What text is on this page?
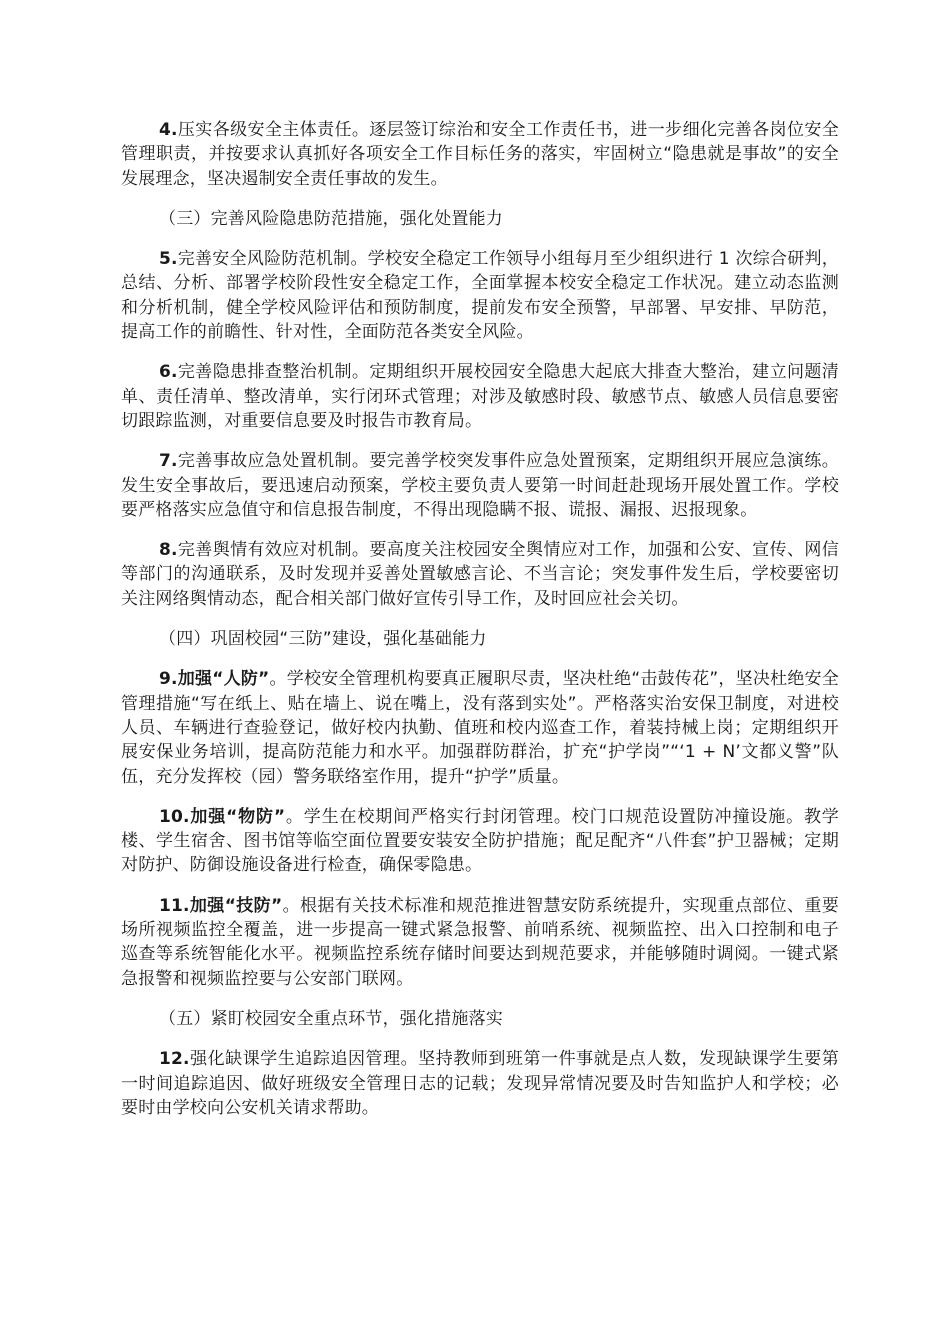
4.压实各级安全主体责任。逐层签订综治和安全工作责任书，进一步细化完善各岗位安全管理职责，并按要求认真抓好各项安全工作目标任务的落实，牢固树立“隐患就是事故”的安全发展理念，坚决遏制安全责任事故的发生。

（三）完善风险隐患防范措施，强化处置能力

5.完善安全风险防范机制。学校安全稳定工作领导小组每月至少组织进行 1 次综合研判，总结、分析、部署学校阶段性安全稳定工作，全面掌握本校安全稳定工作状况。建立动态监测和分析机制，健全学校风险评估和预防制度，提前发布安全预警，早部署、早安排、早防范，提高工作的前瞻性、针对性，全面防范各类安全风险。

6.完善隐患排查整治机制。定期组织开展校园安全隐患大起底大排查大整治，建立问题清单、责任清单、整改清单，实行闭环式管理；对涉及敏感时段、敏感节点、敏感人员信息要密切跟踪监测，对重要信息要及时报告市教育局。

7.完善事故应急处置机制。要完善学校突发事件应急处置预案，定期组织开展应急演练。发生安全事故后，要迅速启动预案，学校主要负责人要第一时间赶赴现场开展处置工作。学校要严格落实应急值守和信息报告制度，不得出现隐瞒不报、谎报、漏报、迟报现象。

8.完善舆情有效应对机制。要高度关注校园安全舆情应对工作，加强和公安、宣传、网信等部门的沟通联系，及时发现并妥善处置敏感言论、不当言论；突发事件发生后，学校要密切关注网络舆情动态，配合相关部门做好宣传引导工作，及时回应社会关切。

（四）巩固校园“三防”建设，强化基础能力

9.加强“人防”。学校安全管理机构要真正履职尽责，坚决杜绝“击鼓传花”，坚决杜绝安全管理措施“写在纸上、贴在墙上、说在嘴上，没有落到实处”。严格落实治安保卫制度，对进校人员、车辆进行查验登记，做好校内执勤、值班和校内巡查工作，着装持械上岗；定期组织开展安保业务培训，提高防范能力和水平。加强群防群治，扩充“护学岗”“‘1 + N’文都义警”队伍，充分发挥校（园）警务联络室作用，提升“护学”质量。

10.加强“物防”。学生在校期间严格实行封闭管理。校门口规范设置防冲撞设施。教学楼、学生宿舍、图书馆等临空面位置要安装安全防护措施；配足配齐“八件套”护卫器械；定期对防护、防御设施设备进行检查，确保零隐患。

11.加强“技防”。根据有关技术标准和规范推进智慧安防系统提升，实现重点部位、重要场所视频监控全覆盖，进一步提高一键式紧急报警、前哨系统、视频监控、出入口控制和电子巡查等系统智能化水平。视频监控系统存储时间要达到规范要求，并能够随时调阅。一键式紧急报警和视频监控要与公安部门联网。

（五）紧盯校园安全重点环节，强化措施落实

12.强化缺课学生追踪追因管理。坚持教师到班第一件事就是点人数，发现缺课学生要第一时间追踪追因、做好班级安全管理日志的记载；发现异常情况要及时告知监护人和学校；必要时由学校向公安机关请求帮助。
